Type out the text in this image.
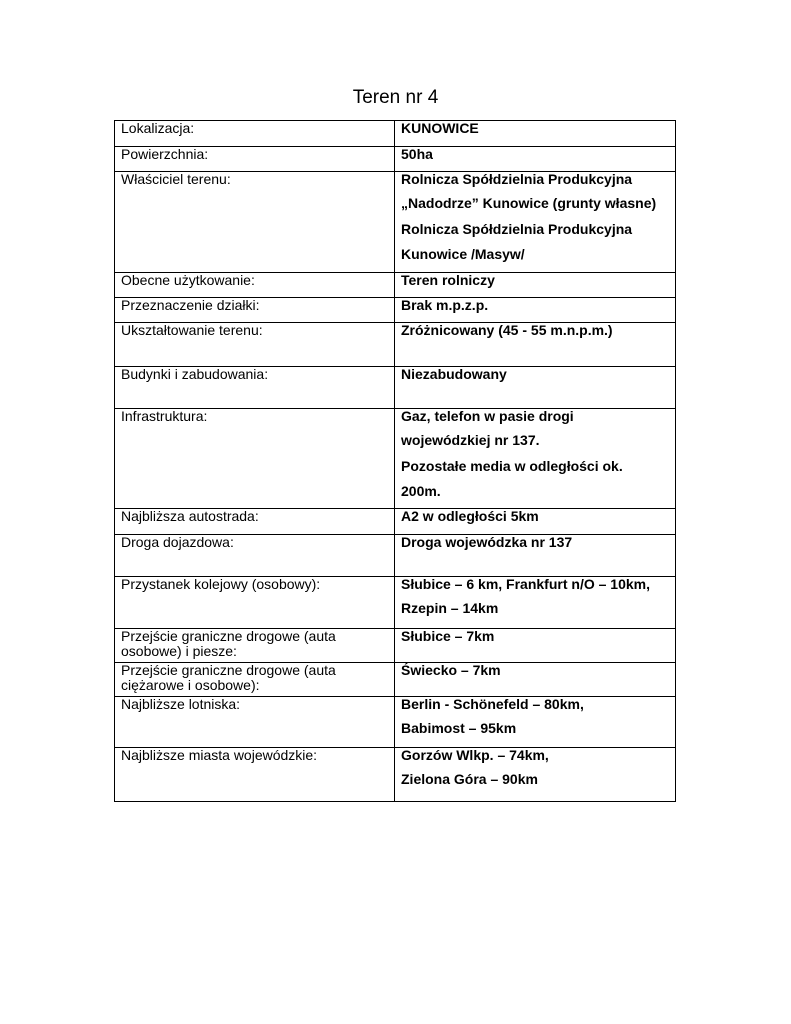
Teren nr 4
Lokalizacja:	KUNOWICE

Powierzchnia:	50ha

Właściciel terenu:	Rolnicza Spółdzielnia Produkcyjna
„Nadodrze” Kunowice (grunty własne)
Rolnicza Spółdzielnia Produkcyjna
Kunowice /Masyw/

Obecne użytkowanie:	Teren rolniczy

Przeznaczenie działki:	Brak m.p.z.p.

Ukształtowanie terenu:	Zróżnicowany (45 - 55 m.n.p.m.)

Budynki i zabudowania:	Niezabudowany

Infrastruktura:	Gaz, telefon w pasie drogi
wojewódzkiej nr 137.
Pozostałe media w odległości ok.
200m.

Najbliższa autostrada:	A2 w odległości 5km

Droga dojazdowa:	Droga wojewódzka nr 137

Przystanek kolejowy (osobowy):	Słubice – 6 km, Frankfurt n/O – 10km,
Rzepin – 14km

Przejście graniczne drogowe (auta osobowe) i piesze:	Słubice – 7km

Przejście graniczne drogowe (auta ciężarowe i osobowe):	Świecko – 7km

Najbliższe lotniska:	Berlin - Schönefeld – 80km,
Babimost – 95km

Najbliższe miasta wojewódzkie:	Gorzów Wlkp. – 74km,
Zielona Góra – 90km
